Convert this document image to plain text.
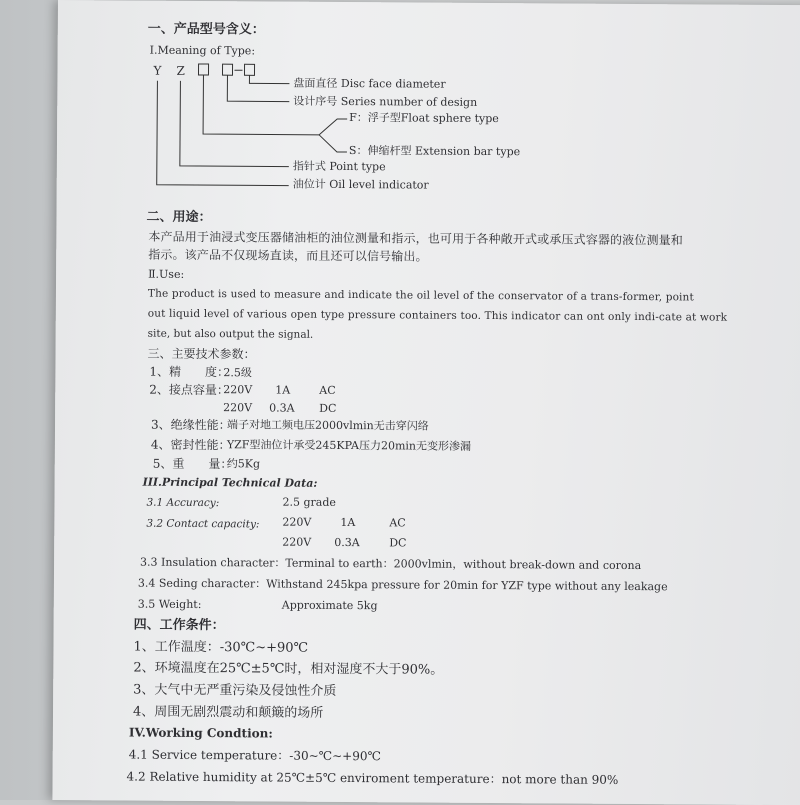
一、产品型号含义：
Ⅰ.Meaning of Type:
Y Z
盘面直径 Disc face diameter
设计序号 Series number of design
F：浮子型Float sphere type
S：伸缩杆型 Extension bar type
指针式 Point type
油位计 Oil level indicator
二、用途：
本产品用于油浸式变压器储油柜的油位测量和指示，也可用于各种敞开式或承压式容器的液位测量和
指示。该产品不仅现场直读，而且还可以信号输出。
Ⅱ.Use:
The product is used to measure and indicate the oil level of the conservator of a trans-former, point
out liquid level of various open type pressure containers too. This indicator can ont only indi-cate at work
site, but also output the signal.
三、主要技术参数：
1、精　　度：
2.5级
2、接点容量：
220V 1A	AC
220V 0.3A DC
3、绝缘性能：
端子对地工频电压2000vlmin无击穿闪络
4、密封性能：
YZF型油位计承受245KPA压力20min无变形渗漏
5、重　　量：
约5Kg
III.Principal Technical Data:
3.1 Accuracy:	2.5 grade
3.2 Contact capacity: 220V	1A	AC
220V 0.3A	DC
3.3 Insulation character：Terminal to earth：2000vlmin，without break-down and corona
3.4 Seding character：Withstand 245kpa pressure for 20min for YZF type without any leakage
3.5 Weight:	Approximate 5kg
四、工作条件：
1、工作温度：-30℃~+90℃
2、环境温度在25℃±5℃时，相对湿度不大于90%。
3、大气中无严重污染及侵蚀性介质
4、周围无剧烈震动和颠簸的场所
IV.Working Condtion:
4.1 Service temperature：-30~℃~+90℃
4.2 Relative humidity at 25℃±5℃ enviroment temperature：not more than 90%
